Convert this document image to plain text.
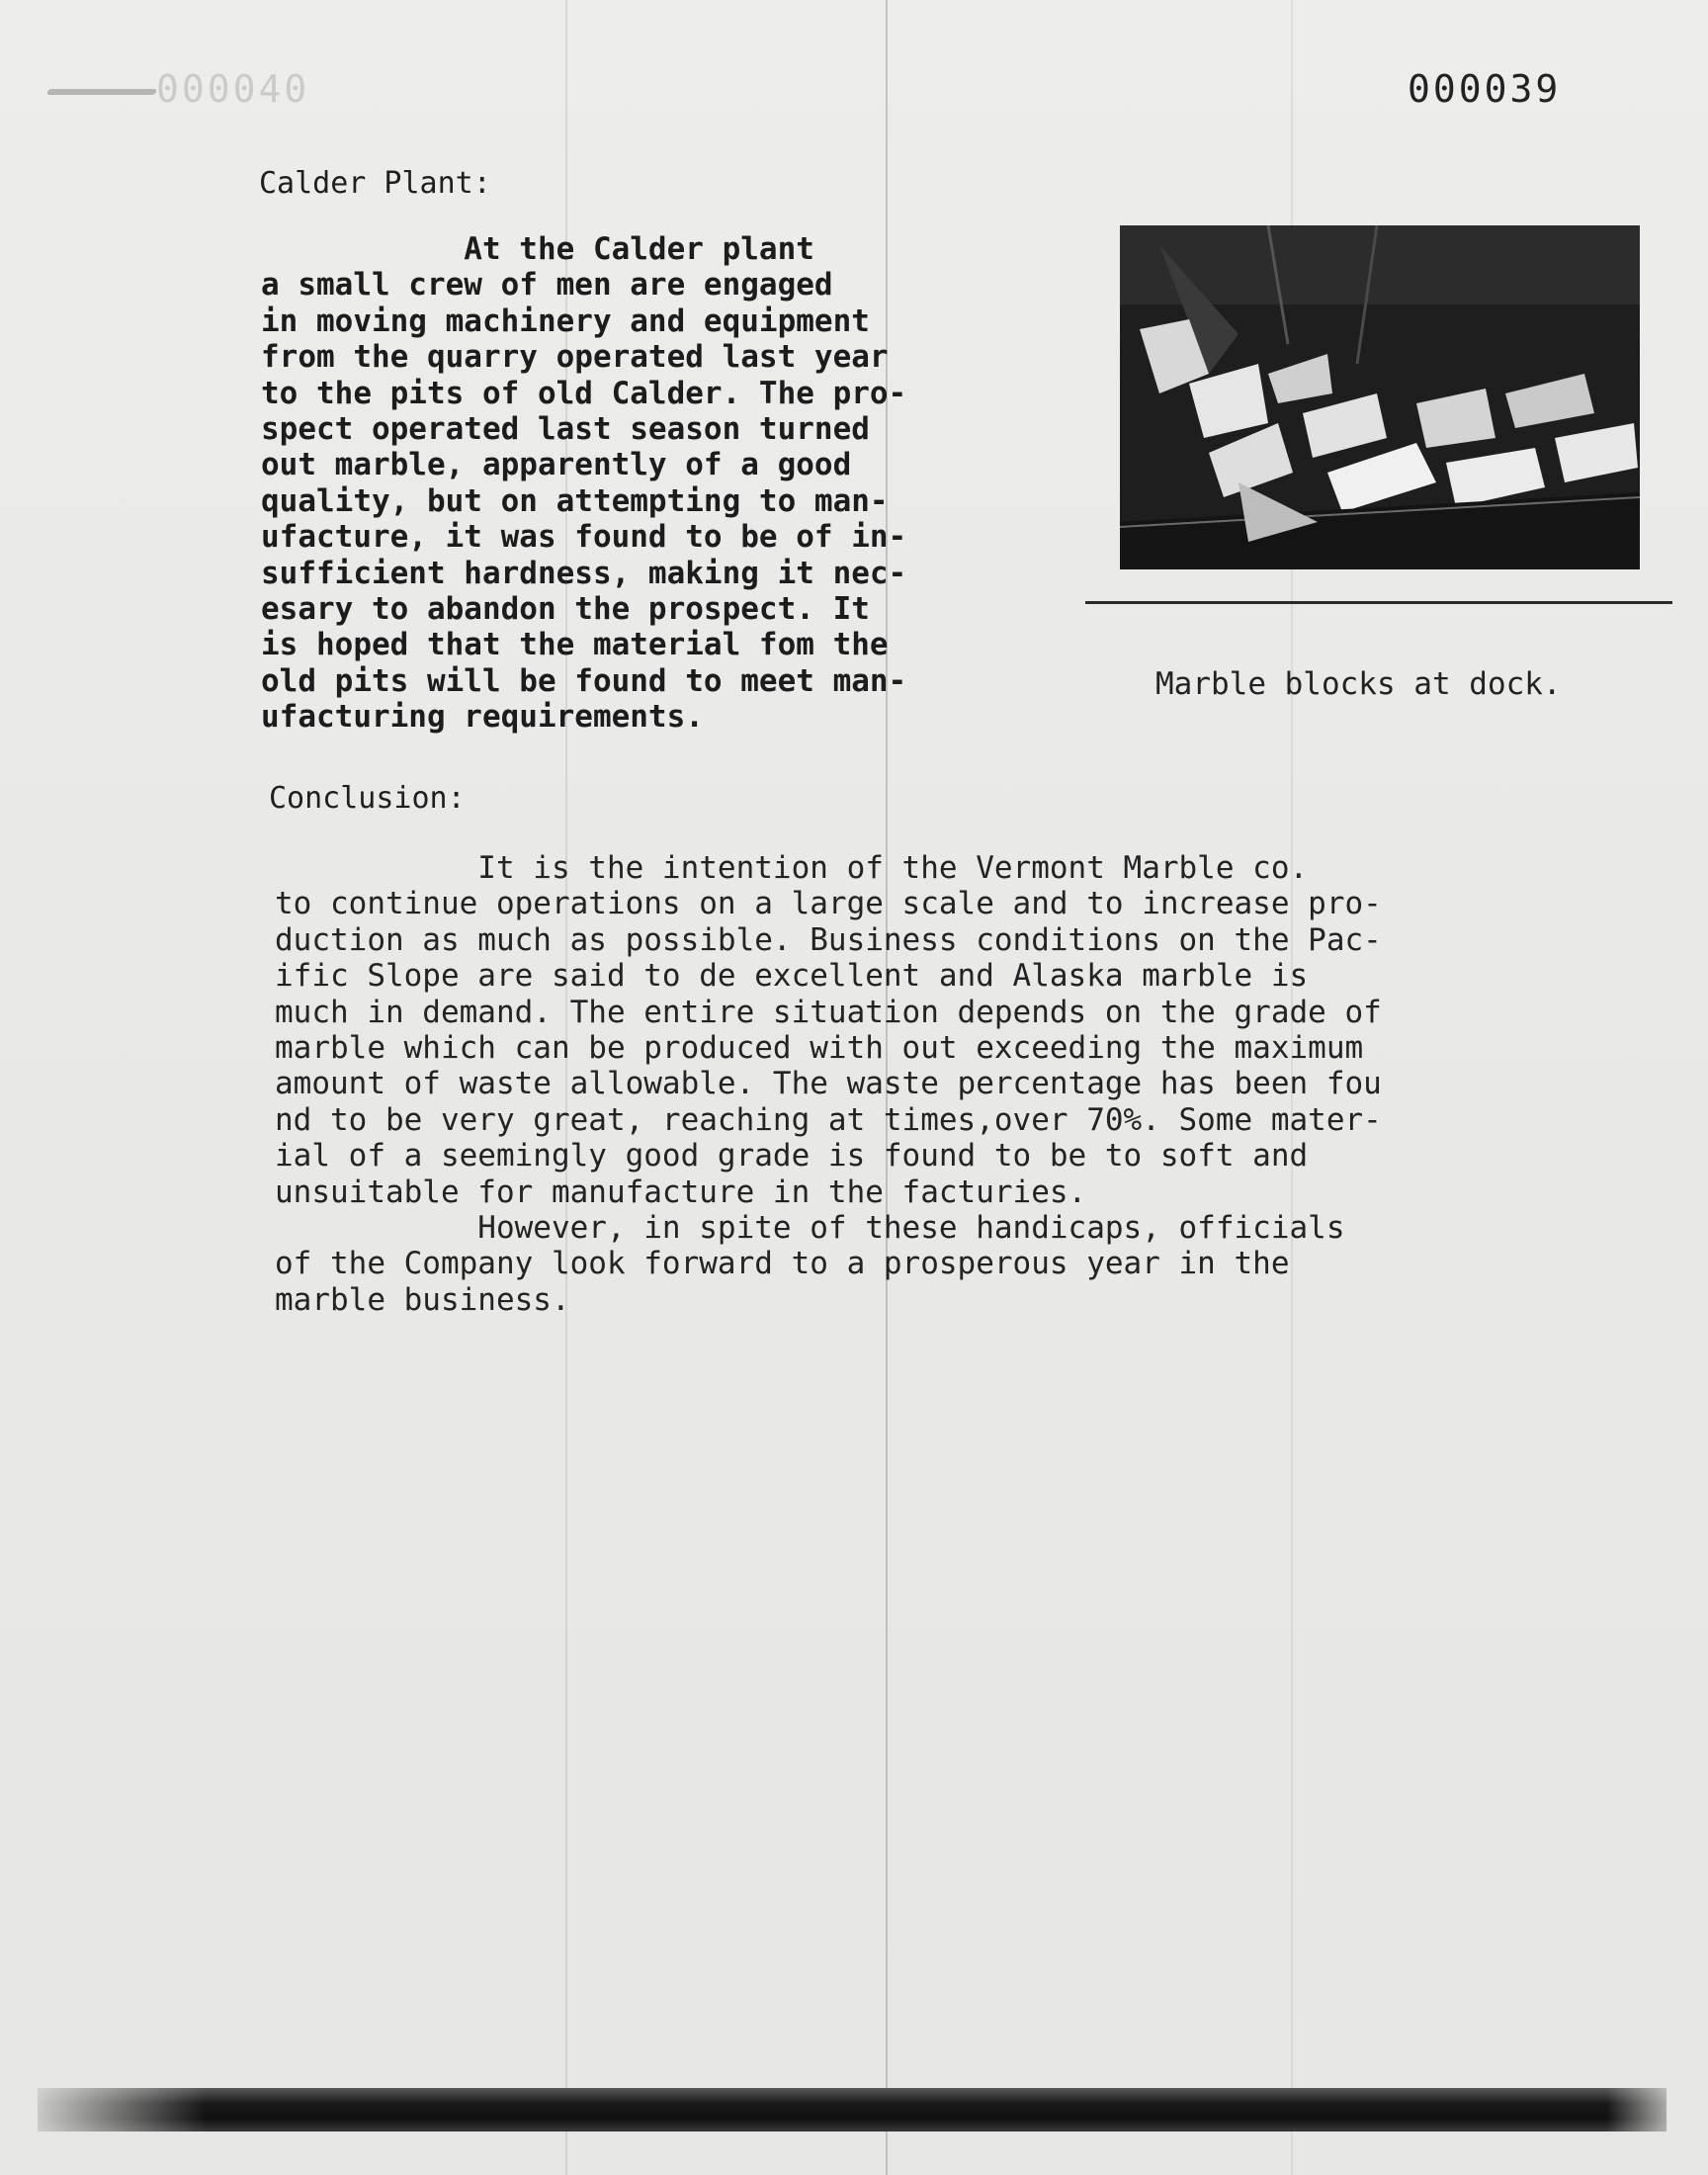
000040	000039
Calder Plant:
At the Calder plant
a small crew of men are engaged
in moving machinery and equipment
from the quarry operated last year
to the pits of old Calder. The pro-
spect operated last season turned
out marble, apparently of a good
quality, but on attempting to man-
ufacture, it was found to be of in-
sufficient hardness, making it nec-
esary to abandon the prospect. It
is hoped that the material fom the
old pits will be found to meet man-
ufacturing requirements.
Marble blocks at dock.
Conclusion:
It is the intention of the Vermont Marble co.
to continue operations on a large scale and to increase pro-
duction as much as possible. Business conditions on the Pac-
ific Slope are said to de excellent and Alaska marble is
much in demand. The entire situation depends on the grade of
marble which can be produced with out exceeding the maximum
amount of waste allowable. The waste percentage has been fou
nd to be very great, reaching at times,over 70%. Some mater-
ial of a seemingly good grade is found to be to soft and
unsuitable for manufacture in the facturies.
However, in spite of these handicaps, officials
of the Company look forward to a prosperous year in the
marble business.
